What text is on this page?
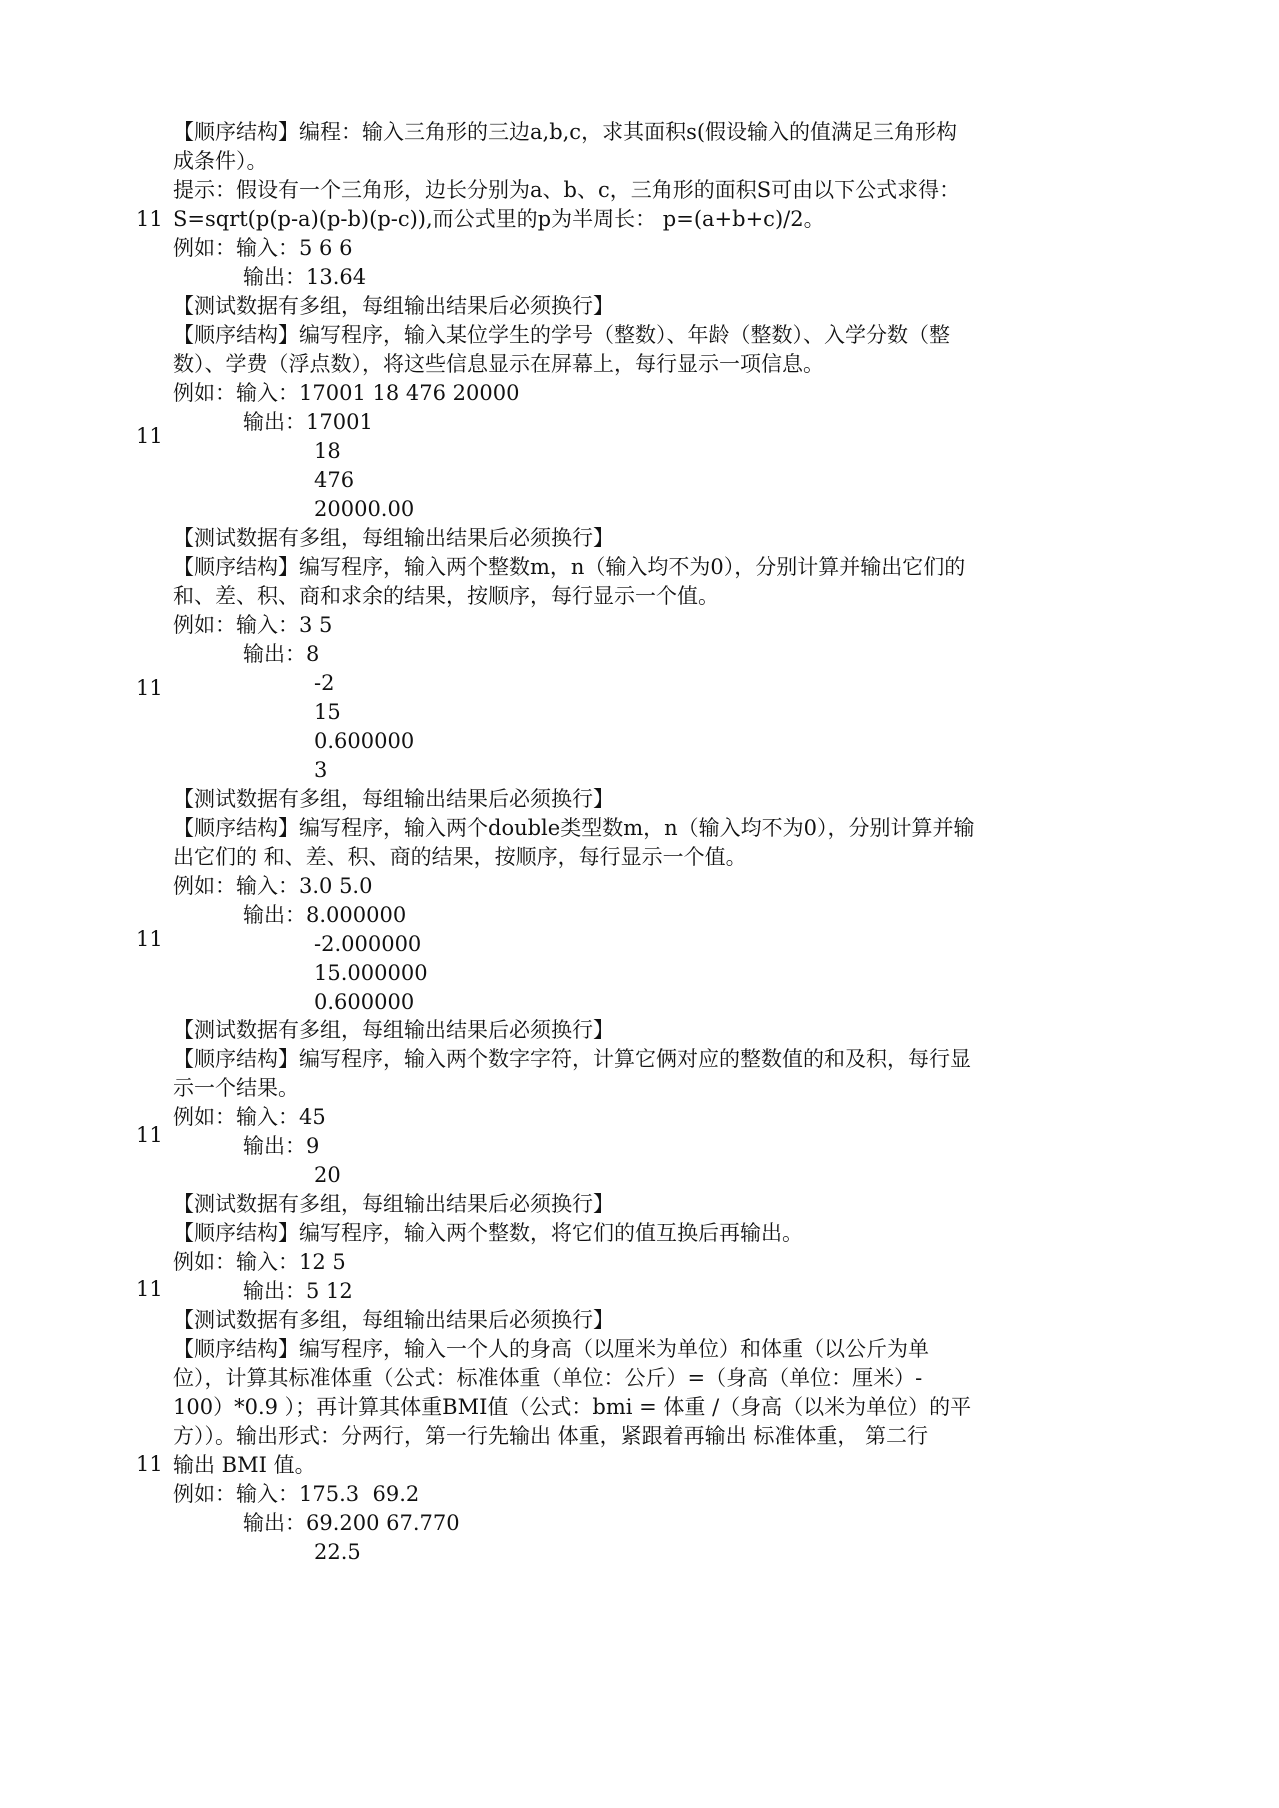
11
【顺序结构】编程：输入三角形的三边a,b,c，求其面积s(假设输入的值满足三角形构
成条件）。
提示：假设有一个三角形，边长分别为a、b、c，三角形的面积S可由以下公式求得：
S=sqrt(p(p-a)(p-b)(p-c)),而公式里的p为半周长： p=(a+b+c)/2。
例如：输入：5 6 6
输出：13.64
11
【测试数据有多组，每组输出结果后必须换行】
【顺序结构】编写程序，输入某位学生的学号（整数）、年龄（整数）、入学分数（整
数）、学费（浮点数），将这些信息显示在屏幕上，每行显示一项信息。
例如：输入：17001 18 476 20000
输出：17001
18
476
20000.00
11
【测试数据有多组，每组输出结果后必须换行】
【顺序结构】编写程序，输入两个整数m，n（输入均不为0），分别计算并输出它们的
和、差、积、商和求余的结果，按顺序，每行显示一个值。
例如：输入：3 5
输出：8
-2
15
0.600000
3
11
【测试数据有多组，每组输出结果后必须换行】
【顺序结构】编写程序，输入两个double类型数m，n（输入均不为0），分别计算并输
出它们的 和、差、积、商的结果，按顺序，每行显示一个值。
例如：输入：3.0 5.0
输出：8.000000
-2.000000
15.000000
0.600000
11
【测试数据有多组，每组输出结果后必须换行】
【顺序结构】编写程序，输入两个数字字符，计算它俩对应的整数值的和及积，每行显
示一个结果。
例如：输入：45
输出：9
20
11
【测试数据有多组，每组输出结果后必须换行】
【顺序结构】编写程序，输入两个整数，将它们的值互换后再输出。
例如：输入：12 5
输出：5 12
11
【测试数据有多组，每组输出结果后必须换行】
【顺序结构】编写程序，输入一个人的身高（以厘米为单位）和体重（以公斤为单
位），计算其标准体重（公式：标准体重（单位：公斤）=（身高（单位：厘米）-
100）*0.9 ）；再计算其体重BMI值（公式：bmi = 体重 /（身高（以米为单位）的平
方））。输出形式：分两行，第一行先输出 体重，紧跟着再输出 标准体重， 第二行
输出 BMI 值。
例如：输入：175.3  69.2
输出：69.200 67.770
22.5
